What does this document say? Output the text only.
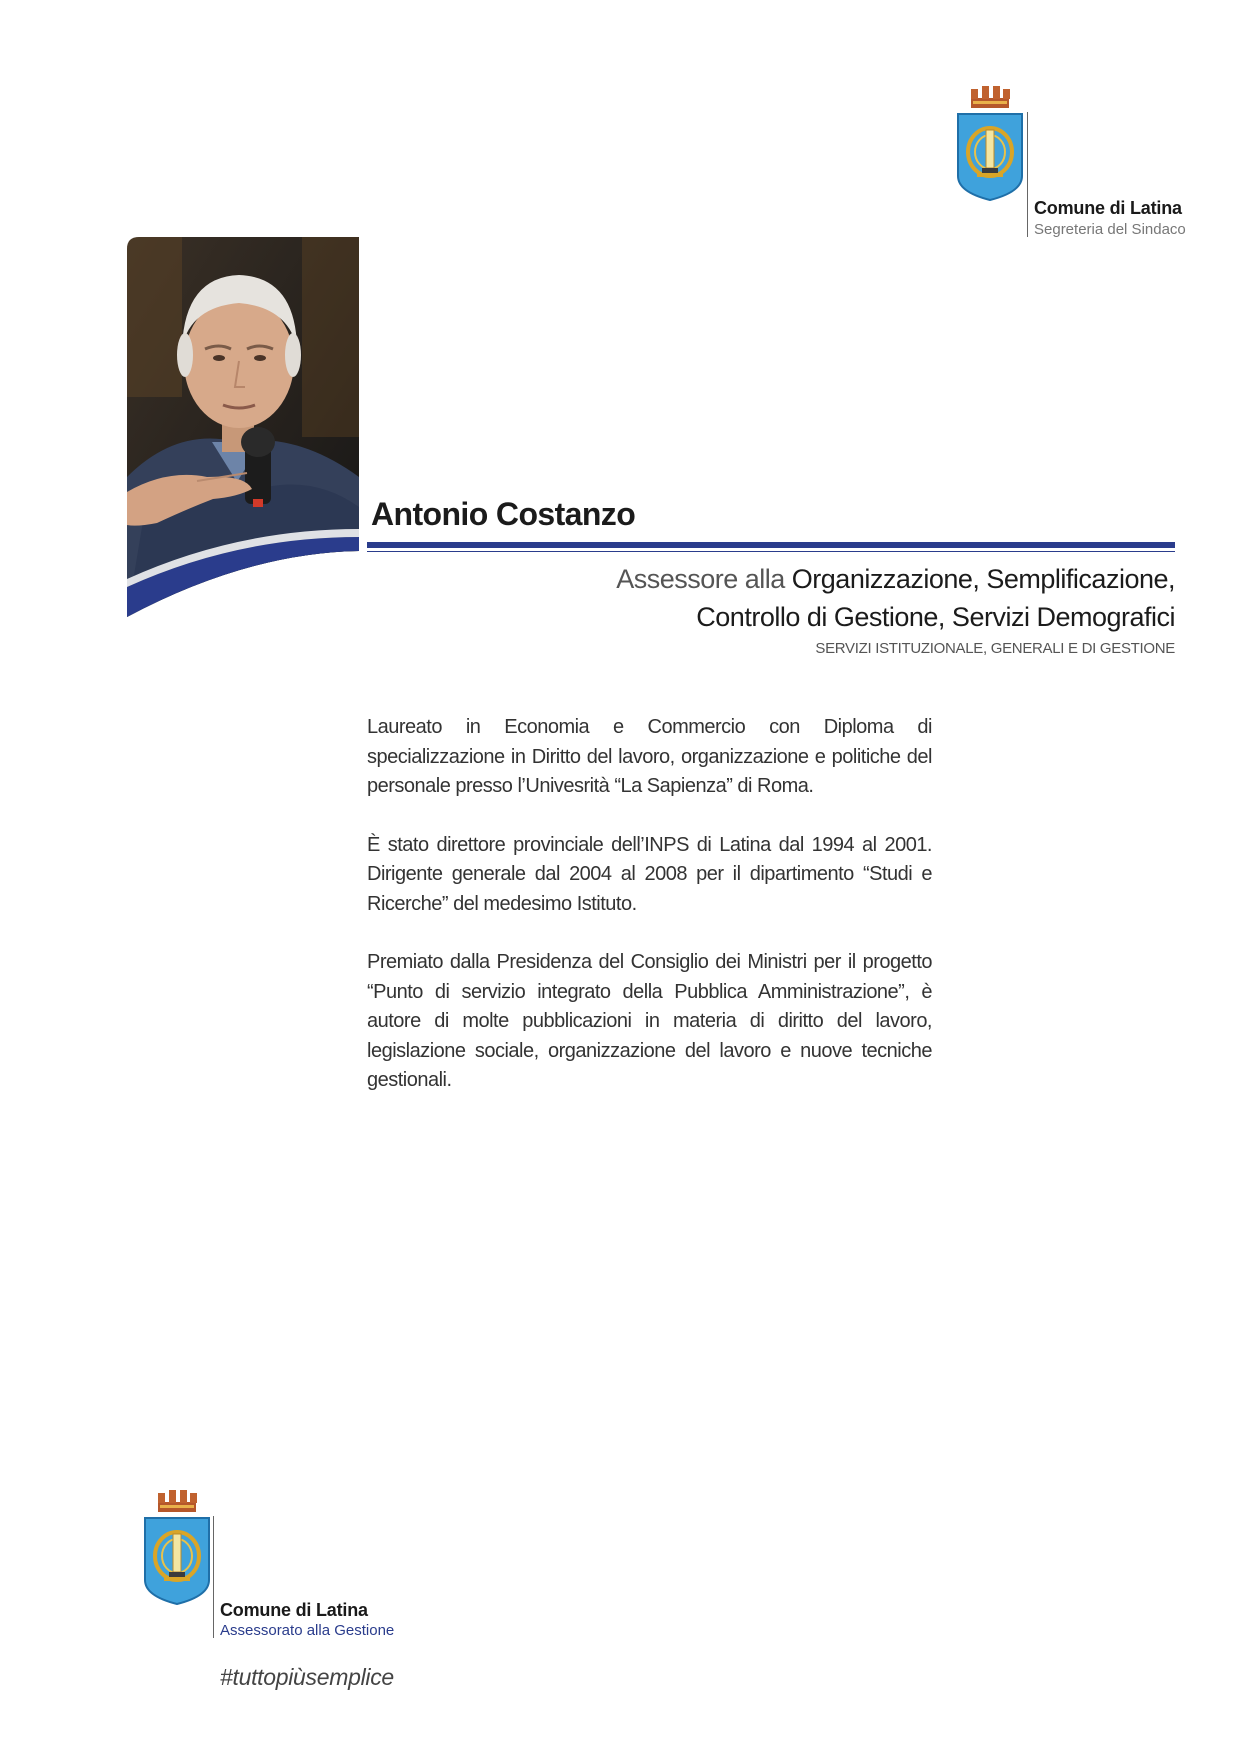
Comune di Latina
Segreteria del Sindaco
Antonio Costanzo
Assessore alla Organizzazione, Semplificazione,
Controllo di Gestione, Servizi Demografici
SERVIZI ISTITUZIONALE, GENERALI E DI GESTIONE

Laureato in Economia e Commercio con Diploma di specializzazione in Diritto del lavoro, organizzazione e politiche del personale presso l’Univesrità “La Sapienza” di Roma.

È stato direttore provinciale dell’INPS di Latina dal 1994 al 2001. Dirigente generale dal 2004 al 2008 per il dipartimento “Studi e Ricerche” del medesimo Istituto.

Premiato dalla Presidenza del Consiglio dei Ministri per il progetto “Punto di servizio integrato della Pubblica Amministrazione”, è autore di molte pubblicazioni in materia di diritto del lavoro, legislazione sociale, organizzazione del lavoro e nuove tecniche gestionali.

Comune di Latina
Assessorato alla Gestione
#tuttopiùsemplice
